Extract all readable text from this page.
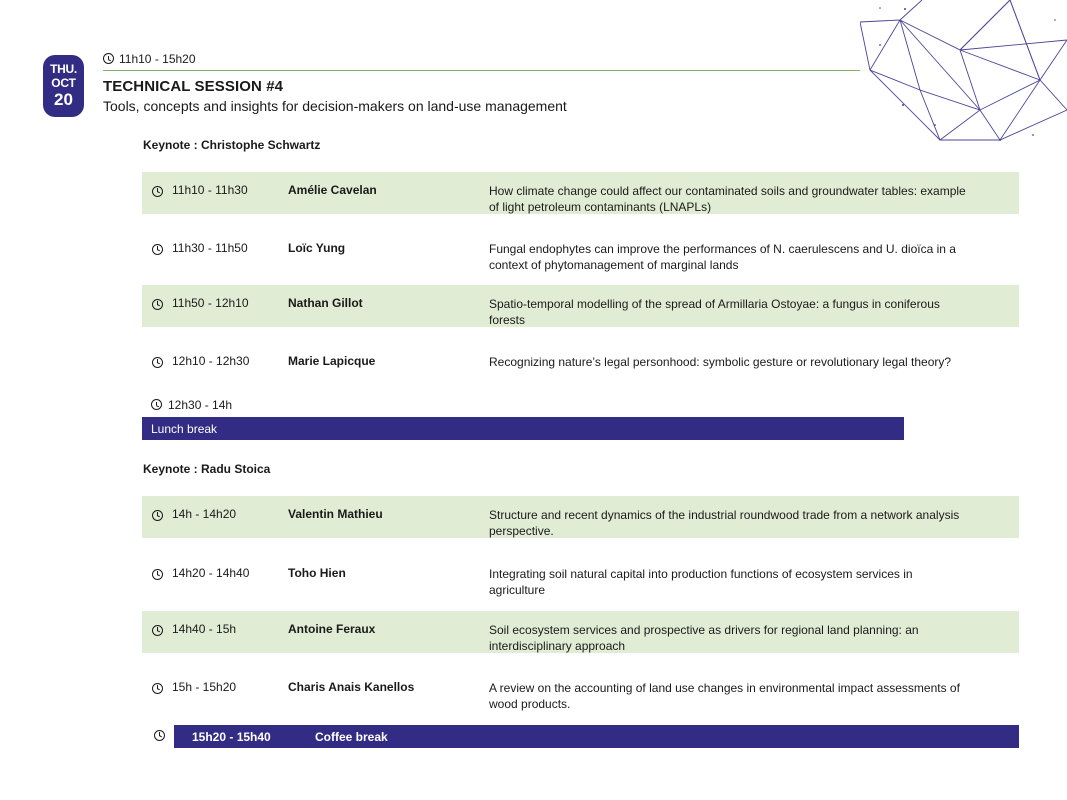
THU.
OCT
20
11h10 - 15h20
TECHNICAL SESSION #4
Tools, concepts and insights for decision-makers on land-use management
Keynote : Christophe Schwartz
11h10 - 11h30	Amélie Cavelan	How climate change could affect our contaminated soils and groundwater tables: example of light petroleum contaminants (LNAPLs)
11h30 - 11h50	Loïc Yung	Fungal endophytes can improve the performances of N. caerulescens and U. dioïca in a context of phytomanagement of marginal lands
11h50 - 12h10	Nathan Gillot	Spatio-temporal modelling of the spread of Armillaria Ostoyae: a fungus in coniferous forests
12h10 - 12h30	Marie Lapicque	Recognizing nature’s legal personhood: symbolic gesture or revolutionary legal theory?
12h30 - 14h
Lunch break
Keynote : Radu Stoica
14h - 14h20	Valentin Mathieu	Structure and recent dynamics of the industrial roundwood trade from a network analysis perspective.
14h20 - 14h40	Toho Hien	Integrating soil natural capital into production functions of ecosystem services in agriculture
14h40 - 15h	Antoine Feraux	Soil ecosystem services and prospective as drivers for regional land planning: an interdisciplinary approach
15h - 15h20	Charis Anais Kanellos	A review on the accounting of land use changes in environmental impact assessments of wood products.
15h20 - 15h40	Coffee break
